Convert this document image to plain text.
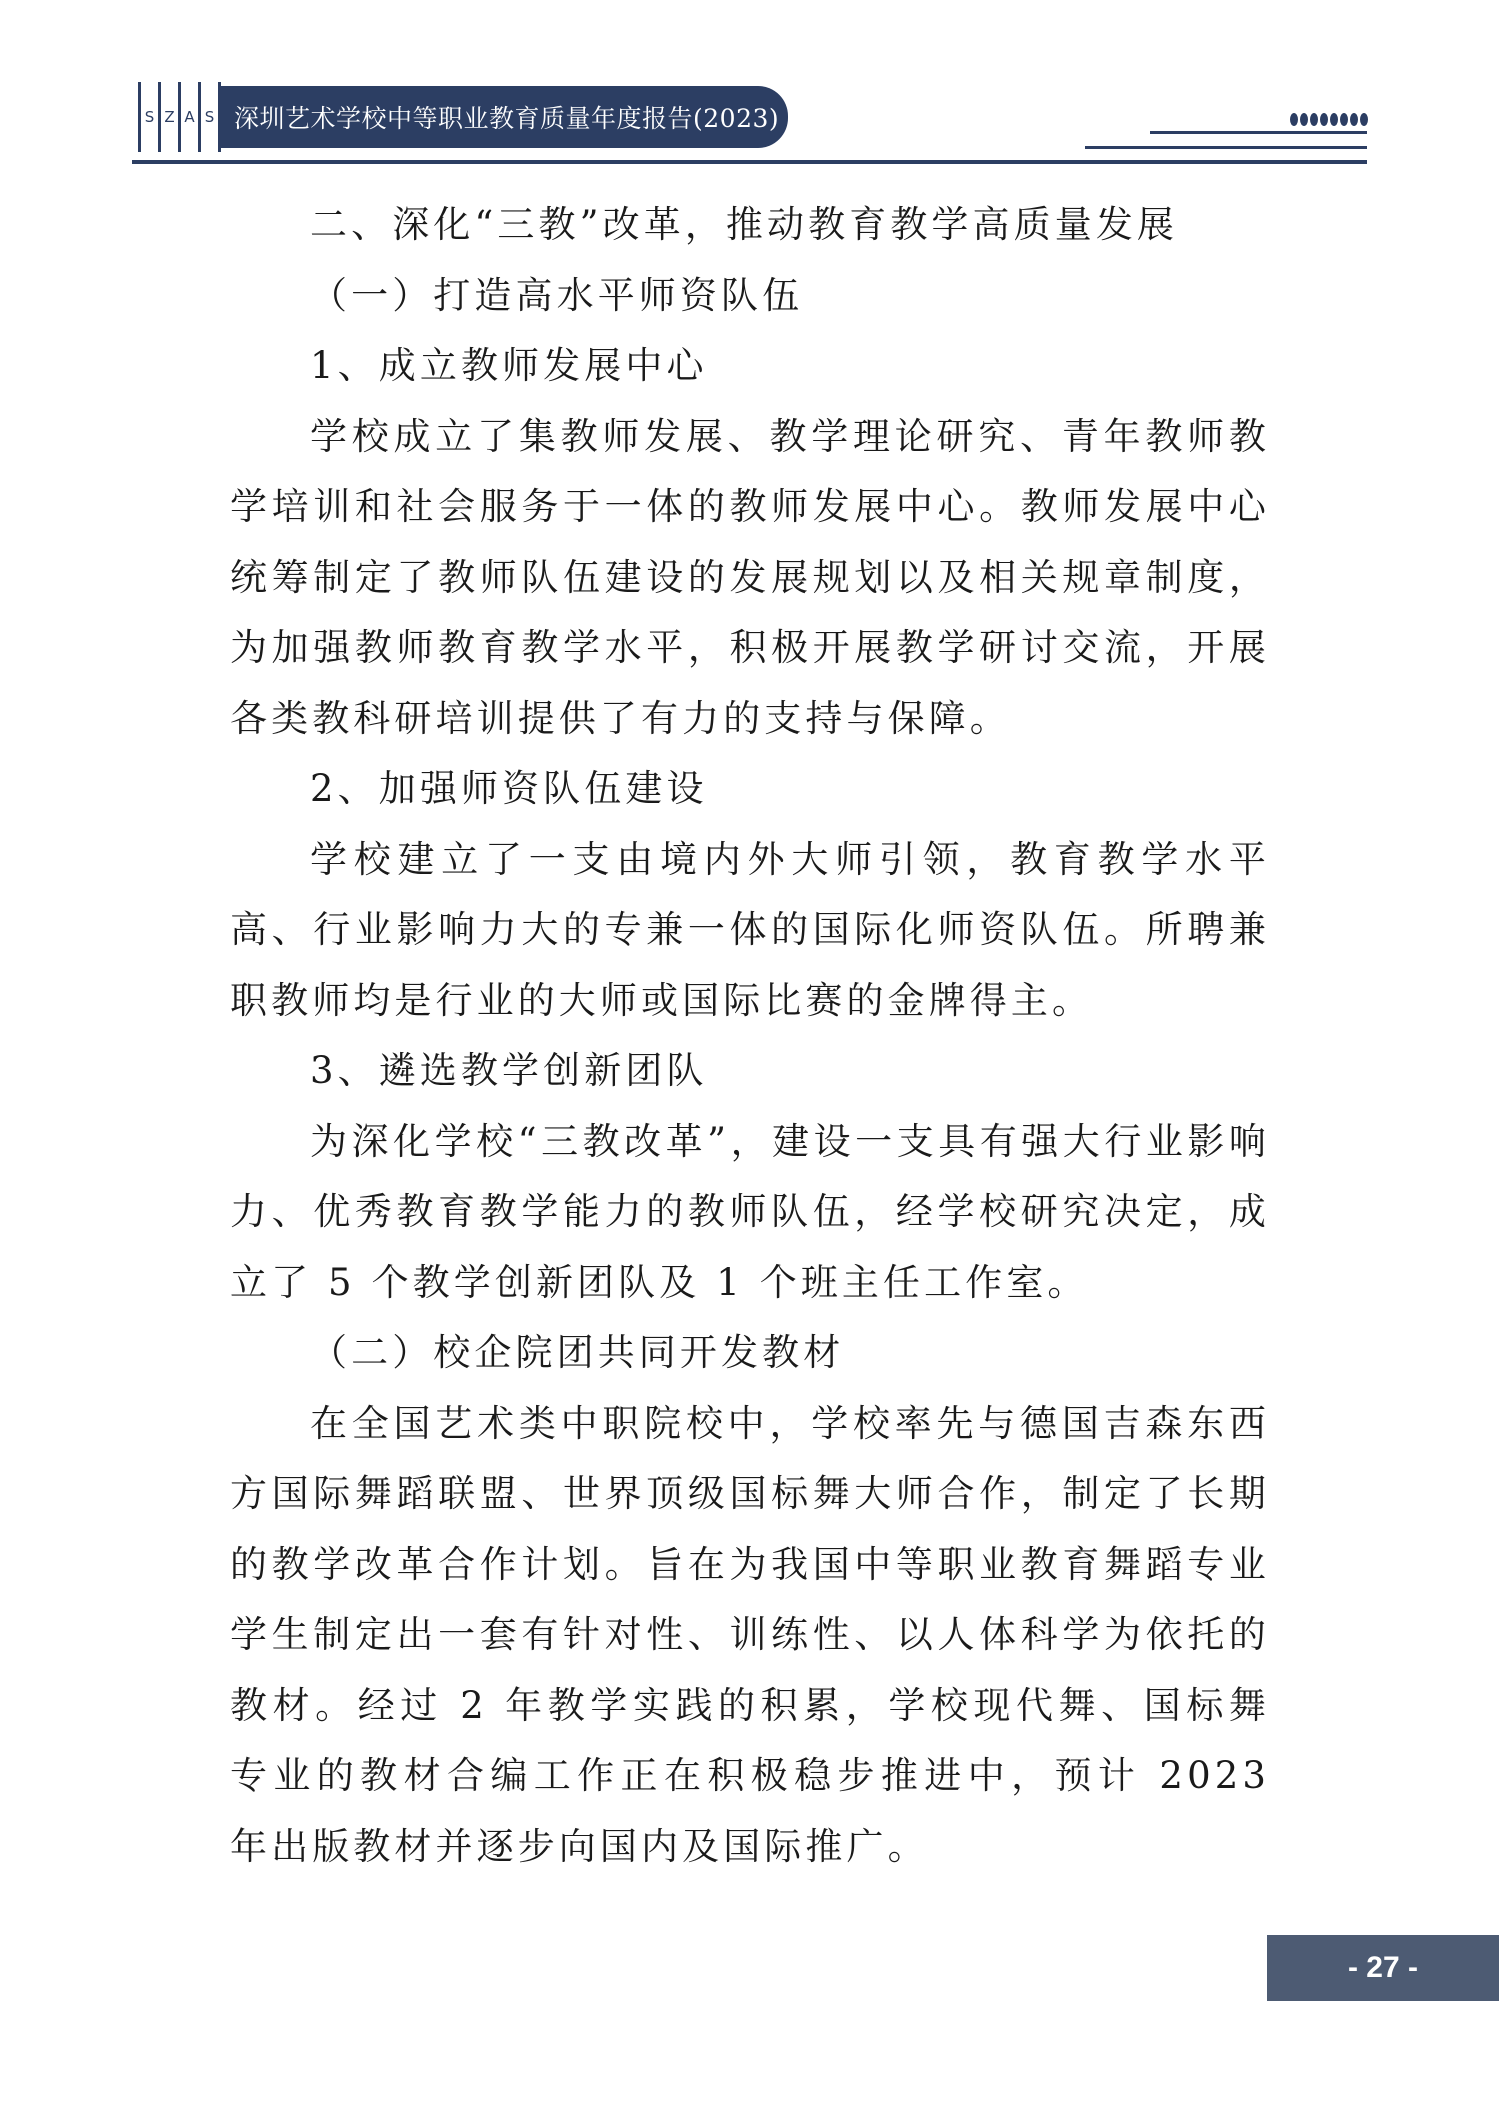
S Z A S 深圳艺术学校中等职业教育质量年度报告(2023)

二、深化“三教”改革，推动教育教学高质量发展

（一）打造高水平师资队伍

1、成立教师发展中心

学校成立了集教师发展、教学理论研究、青年教师教学培训和社会服务于一体的教师发展中心。教师发展中心统筹制定了教师队伍建设的发展规划以及相关规章制度，为加强教师教育教学水平，积极开展教学研讨交流，开展各类教科研培训提供了有力的支持与保障。

2、加强师资队伍建设

学校建立了一支由境内外大师引领，教育教学水平高、行业影响力大的专兼一体的国际化师资队伍。所聘兼职教师均是行业的大师或国际比赛的金牌得主。

3、遴选教学创新团队

为深化学校“三教改革”，建设一支具有强大行业影响力、优秀教育教学能力的教师队伍，经学校研究决定，成立了 5 个教学创新团队及 1 个班主任工作室。

（二）校企院团共同开发教材

在全国艺术类中职院校中，学校率先与德国吉森东西方国际舞蹈联盟、世界顶级国标舞大师合作，制定了长期的教学改革合作计划。旨在为我国中等职业教育舞蹈专业学生制定出一套有针对性、训练性、以人体科学为依托的教材。经过 2 年教学实践的积累，学校现代舞、国标舞专业的教材合编工作正在积极稳步推进中，预计 2023 年出版教材并逐步向国内及国际推广。

- 27 -
